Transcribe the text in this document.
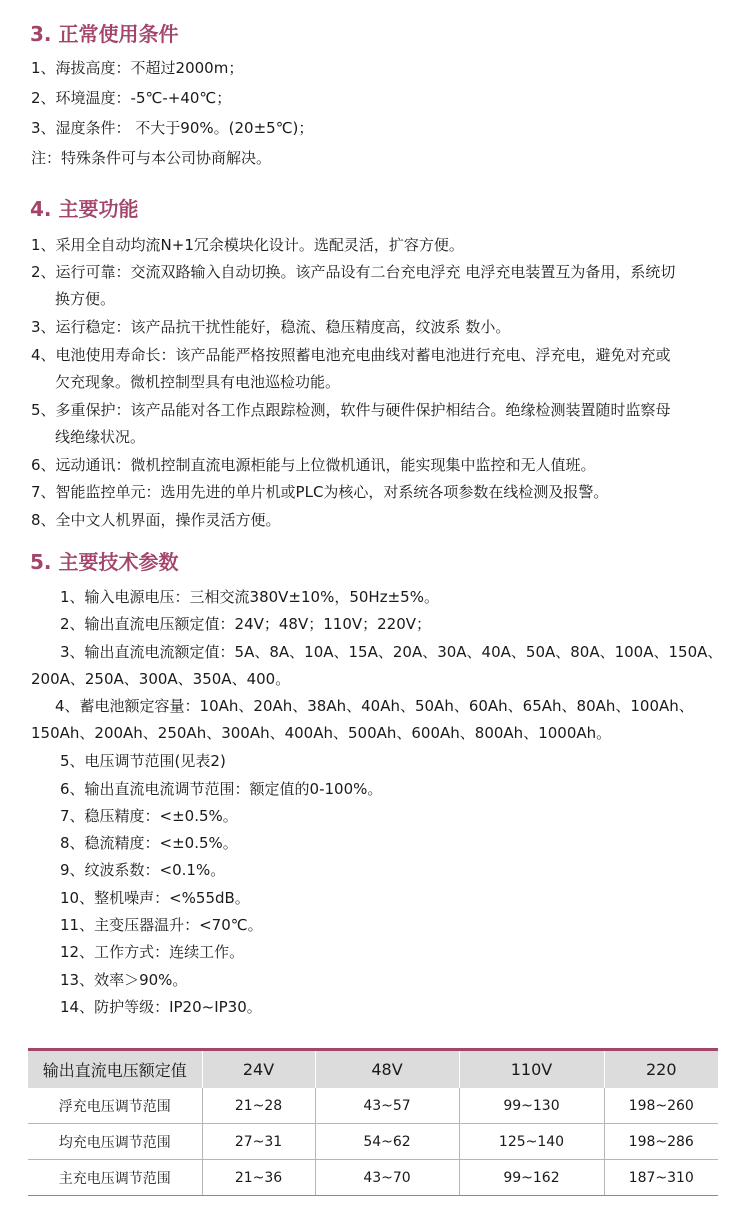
3. 正常使用条件

1、海拔高度：不超过2000m；

2、环境温度：-5℃-+40℃；

3、湿度条件： 不大于90%。(20±5℃)；

注：特殊条件可与本公司协商解决。

4. 主要功能

1、采用全自动均流N+1冗余模块化设计。选配灵活，扩容方便。

2、运行可靠：交流双路输入自动切换。该产品设有二台充电浮充 电浮充电装置互为备用，系统切

换方便。

3、运行稳定：该产品抗干扰性能好，稳流、稳压精度高，纹波系 数小。

4、电池使用寿命长：该产品能严格按照蓄电池充电曲线对蓄电池进行充电、浮充电，避免对充或

欠充现象。微机控制型具有电池巡检功能。

5、多重保护：该产品能对各工作点跟踪检测，软件与硬件保护相结合。绝缘检测装置随时监察母

线绝缘状况。

6、远动通讯：微机控制直流电源柜能与上位微机通讯，能实现集中监控和无人值班。

7、智能监控单元：选用先进的单片机或PLC为核心，对系统各项参数在线检测及报警。

8、全中文人机界面，操作灵活方便。

5. 主要技术参数

1、输入电源电压：三相交流380V±10%，50Hz±5%。

2、输出直流电压额定值：24V；48V；110V；220V；

3、输出直流电流额定值：5A、8A、10A、15A、20A、30A、40A、50A、80A、100A、150A、

200A、250A、300A、350A、400。

4、蓄电池额定容量：10Ah、20Ah、38Ah、40Ah、50Ah、60Ah、65Ah、80Ah、100Ah、

150Ah、200Ah、250Ah、300Ah、400Ah、500Ah、600Ah、800Ah、1000Ah。

5、电压调节范围(见表2)

6、输出直流电流调节范围：额定值的0-100%。

7、稳压精度：<±0.5%。

8、稳流精度：<±0.5%。

9、纹波系数：<0.1%。

10、整机噪声：<%55dB。

11、主变压器温升：<70℃。

12、工作方式：连续工作。

13、效率＞90%。

14、防护等级：IP20~IP30。

输出直流电压额定值	24V	48V	110V	220
浮充电压调节范围	21~28	43~57	99~130	198~260
均充电压调节范围	27~31	54~62	125~140	198~286
主充电压调节范围	21~36	43~70	99~162	187~310
